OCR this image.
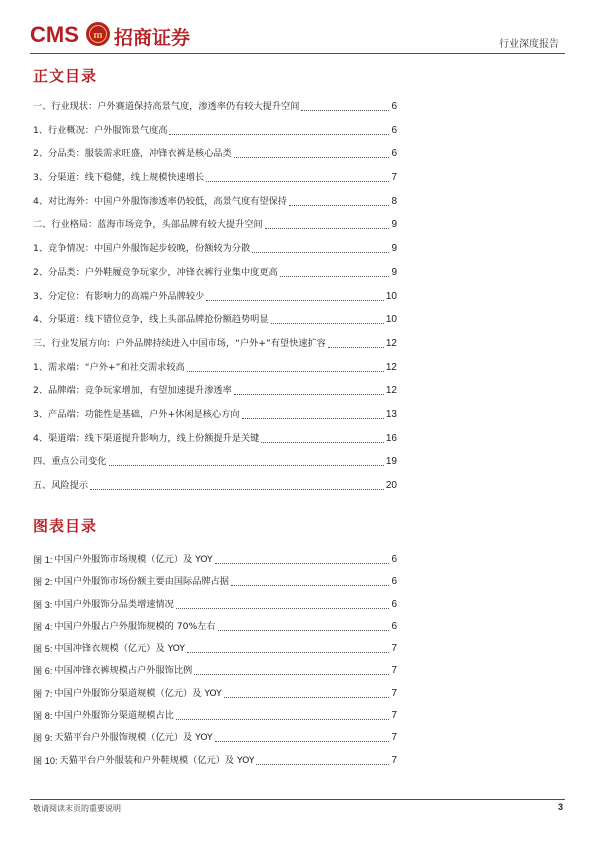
CMS m 招商证券	行业深度报告
正文目录
一、 行业现状：户外赛道保持高景气度，渗透率仍有较大提升空间	6
1、 行业概况：户外服饰景气度高	6
2、 分品类：服装需求旺盛，冲锋衣裤是核心品类	6
3、 分渠道：线下稳健，线上规模快速增长	7
4、 对比海外：中国户外服饰渗透率仍较低，高景气度有望保持	8
二、 行业格局：蓝海市场竞争，头部品牌有较大提升空间	9
1、 竞争情况：中国户外服饰起步较晚，份额较为分散	9
2、 分品类：户外鞋履竞争玩家少，冲锋衣裤行业集中度更高	9
3、 分定位：有影响力的高端户外品牌较少	10
4、 分渠道：线下错位竞争，线上头部品牌抢份额趋势明显	10
三、 行业发展方向：户外品牌持续进入中国市场，“户外+”有望快速扩容	12
1、 需求端：“户外+”和社交需求较高	12
2、 品牌端：竞争玩家增加，有望加速提升渗透率	12
3、 产品端：功能性是基础，户外+休闲是核心方向	13
4、 渠道端：线下渠道提升影响力，线上份额提升是关键	16
四、 重点公司变化	19
五、 风险提示	20
图表目录
图 1: 中国户外服饰市场规模（亿元）及 YOY	6
图 2: 中国户外服饰市场份额主要由国际品牌占据	6
图 3: 中国户外服饰分品类增速情况	6
图 4: 中国户外服占户外服饰规模的 70%左右	6
图 5: 中国冲锋衣规模（亿元）及 YOY	7
图 6: 中国冲锋衣裤规模占户外服饰比例	7
图 7: 中国户外服饰分渠道规模（亿元）及 YOY	7
图 8: 中国户外服饰分渠道规模占比	7
图 9: 天猫平台户外服饰规模（亿元）及 YOY	7
图 10: 天猫平台户外服装和户外鞋规模（亿元）及 YOY	7
敬请阅读末页的重要说明	3
